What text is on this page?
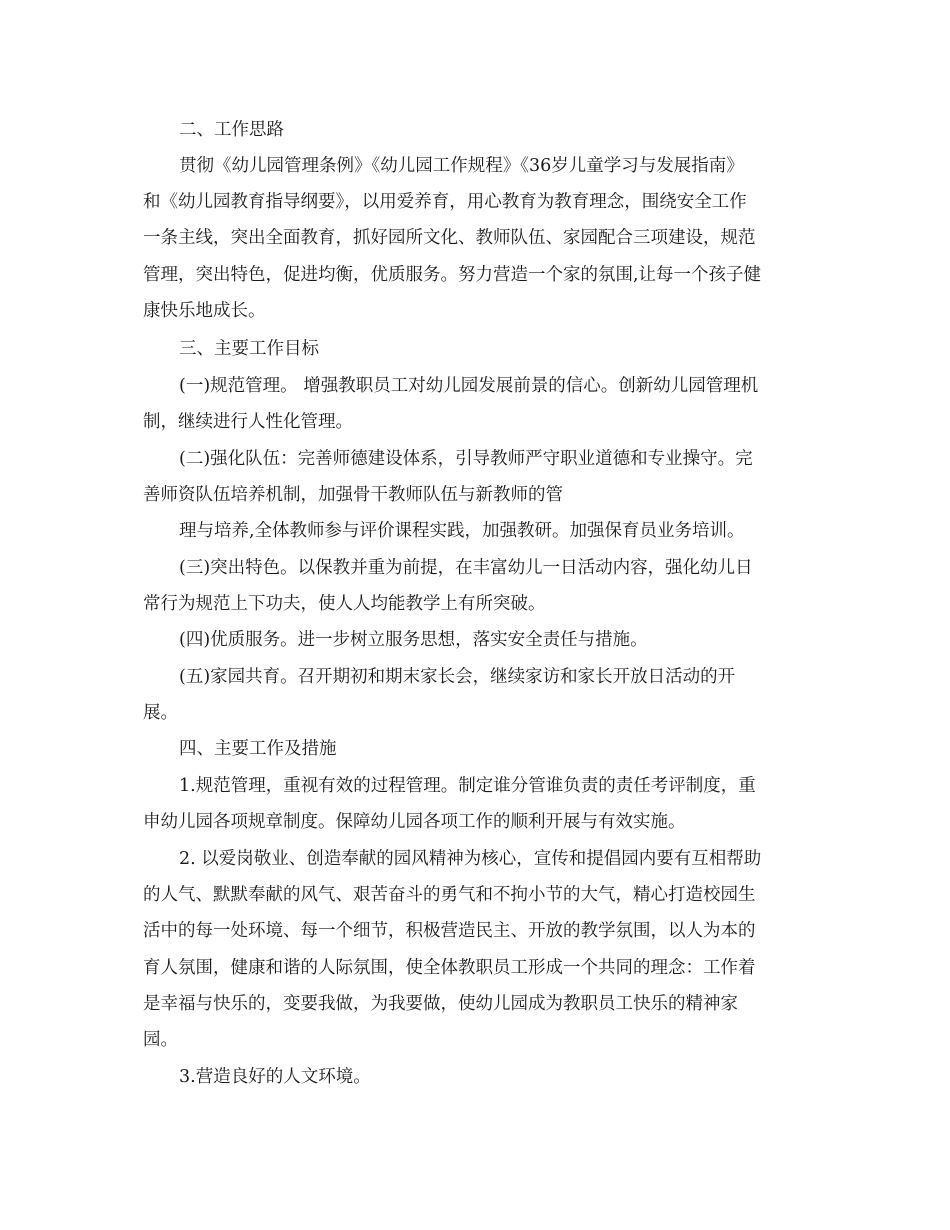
二、工作思路

贯彻《幼儿园管理条例》《幼儿园工作规程》《36岁儿童学习与发展指南》
和《幼儿园教育指导纲要》，以用爱养育，用心教育为教育理念，围绕安全工作
一条主线，突出全面教育，抓好园所文化、教师队伍、家园配合三项建设，规范
管理，突出特色，促进均衡，优质服务。努力营造一个家的氛围,让每一个孩子健
康快乐地成长。

三、主要工作目标

(一)规范管理。 增强教职员工对幼儿园发展前景的信心。创新幼儿园管理机
制，继续进行人性化管理。

(二)强化队伍：完善师德建设体系，引导教师严守职业道德和专业操守。完
善师资队伍培养机制，加强骨干教师队伍与新教师的管

理与培养,全体教师参与评价课程实践，加强教研。加强保育员业务培训。

(三)突出特色。以保教并重为前提，在丰富幼儿一日活动内容，强化幼儿日
常行为规范上下功夫，使人人均能教学上有所突破。

(四)优质服务。进一步树立服务思想，落实安全责任与措施。

(五)家园共育。召开期初和期末家长会，继续家访和家长开放日活动的开
展。

四、主要工作及措施

1.规范管理，重视有效的过程管理。制定谁分管谁负责的责任考评制度，重
申幼儿园各项规章制度。保障幼儿园各项工作的顺利开展与有效实施。

2. 以爱岗敬业、创造奉献的园风精神为核心，宣传和提倡园内要有互相帮助
的人气、默默奉献的风气、艰苦奋斗的勇气和不拘小节的大气，精心打造校园生
活中的每一处环境、每一个细节，积极营造民主、开放的教学氛围，以人为本的
育人氛围，健康和谐的人际氛围，使全体教职员工形成一个共同的理念：工作着
是幸福与快乐的，变要我做，为我要做，使幼儿园成为教职员工快乐的精神家
园。

3.营造良好的人文环境。
